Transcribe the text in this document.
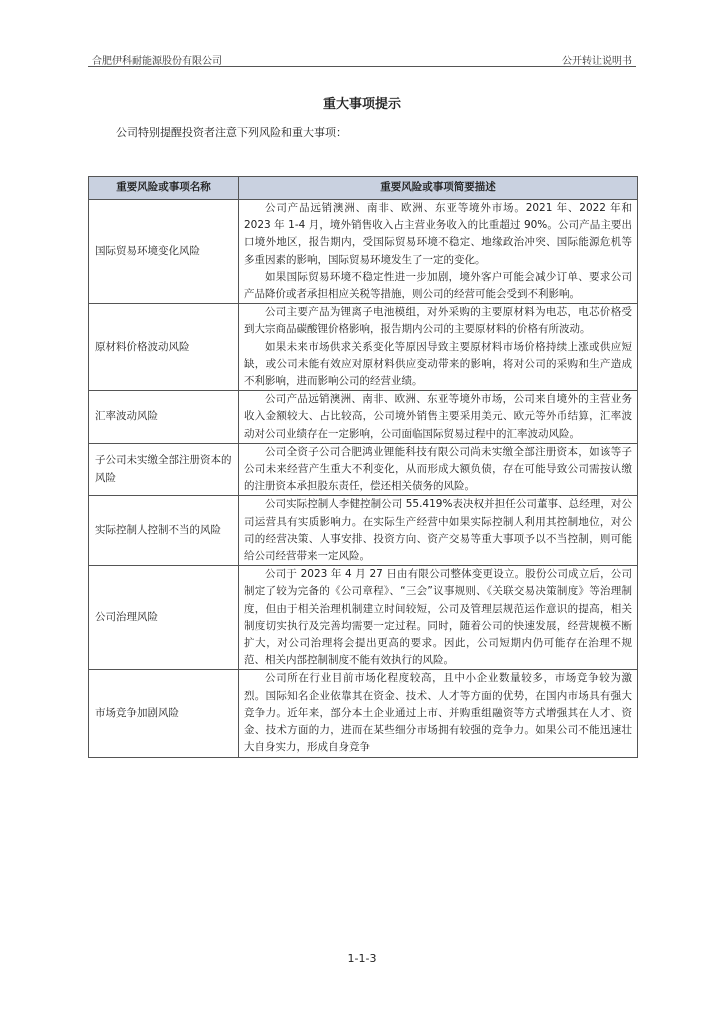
合肥伊科耐能源股份有限公司	公开转让说明书
重大事项提示
公司特别提醒投资者注意下列风险和重大事项：
重要风险或事项名称	重要风险或事项简要描述
国际贸易环境变化风险	公司产品远销澳洲、南非、欧洲、东亚等境外市场。2021 年、2022 年和 2023 年 1-4 月，境外销售收入占主营业务收入的比重超过 90%。公司产品主要出口境外地区，报告期内，受国际贸易环境不稳定、地缘政治冲突、国际能源危机等多重因素的影响，国际贸易环境发生了一定的变化。

如果国际贸易环境不稳定性进一步加剧，境外客户可能会减少订单、要求公司产品降价或者承担相应关税等措施，则公司的经营可能会受到不利影响。

原材料价格波动风险	公司主要产品为锂离子电池模组，对外采购的主要原材料为电芯，电芯价格受到大宗商品碳酸锂价格影响，报告期内公司的主要原材料的价格有所波动。

如果未来市场供求关系变化等原因导致主要原材料市场价格持续上涨或供应短缺，或公司未能有效应对原材料供应变动带来的影响，将对公司的采购和生产造成不利影响，进而影响公司的经营业绩。

汇率波动风险	公司产品远销澳洲、南非、欧洲、东亚等境外市场，公司来自境外的主营业务收入金额较大、占比较高，公司境外销售主要采用美元、欧元等外币结算，汇率波动对公司业绩存在一定影响，公司面临国际贸易过程中的汇率波动风险。

子公司未实缴全部注册资本的风险	公司全资子公司合肥鸿业锂能科技有限公司尚未实缴全部注册资本，如该等子公司未来经营产生重大不利变化，从而形成大额负债，存在可能导致公司需按认缴的注册资本承担股东责任，偿还相关债务的风险。

实际控制人控制不当的风险	公司实际控制人李健控制公司 55.419%表决权并担任公司董事、总经理，对公司运营具有实质影响力。在实际生产经营中如果实际控制人利用其控制地位，对公司的经营决策、人事安排、投资方向、资产交易等重大事项予以不当控制，则可能给公司经营带来一定风险。

公司治理风险	公司于 2023 年 4 月 27 日由有限公司整体变更设立。股份公司成立后，公司制定了较为完备的《公司章程》、“三会”议事规则、《关联交易决策制度》等治理制度，但由于相关治理机制建立时间较短，公司及管理层规范运作意识的提高，相关制度切实执行及完善均需要一定过程。同时，随着公司的快速发展，经营规模不断扩大，对公司治理将会提出更高的要求。因此，公司短期内仍可能存在治理不规范、相关内部控制制度不能有效执行的风险。

市场竞争加剧风险	公司所在行业目前市场化程度较高，且中小企业数量较多，市场竞争较为激烈。国际知名企业依靠其在资金、技术、人才等方面的优势，在国内市场具有强大竞争力。近年来，部分本土企业通过上市、并购重组融资等方式增强其在人才、资金、技术方面的力，进而在某些细分市场拥有较强的竞争力。如果公司不能迅速壮大自身实力，形成自身竞争

1-1-3
